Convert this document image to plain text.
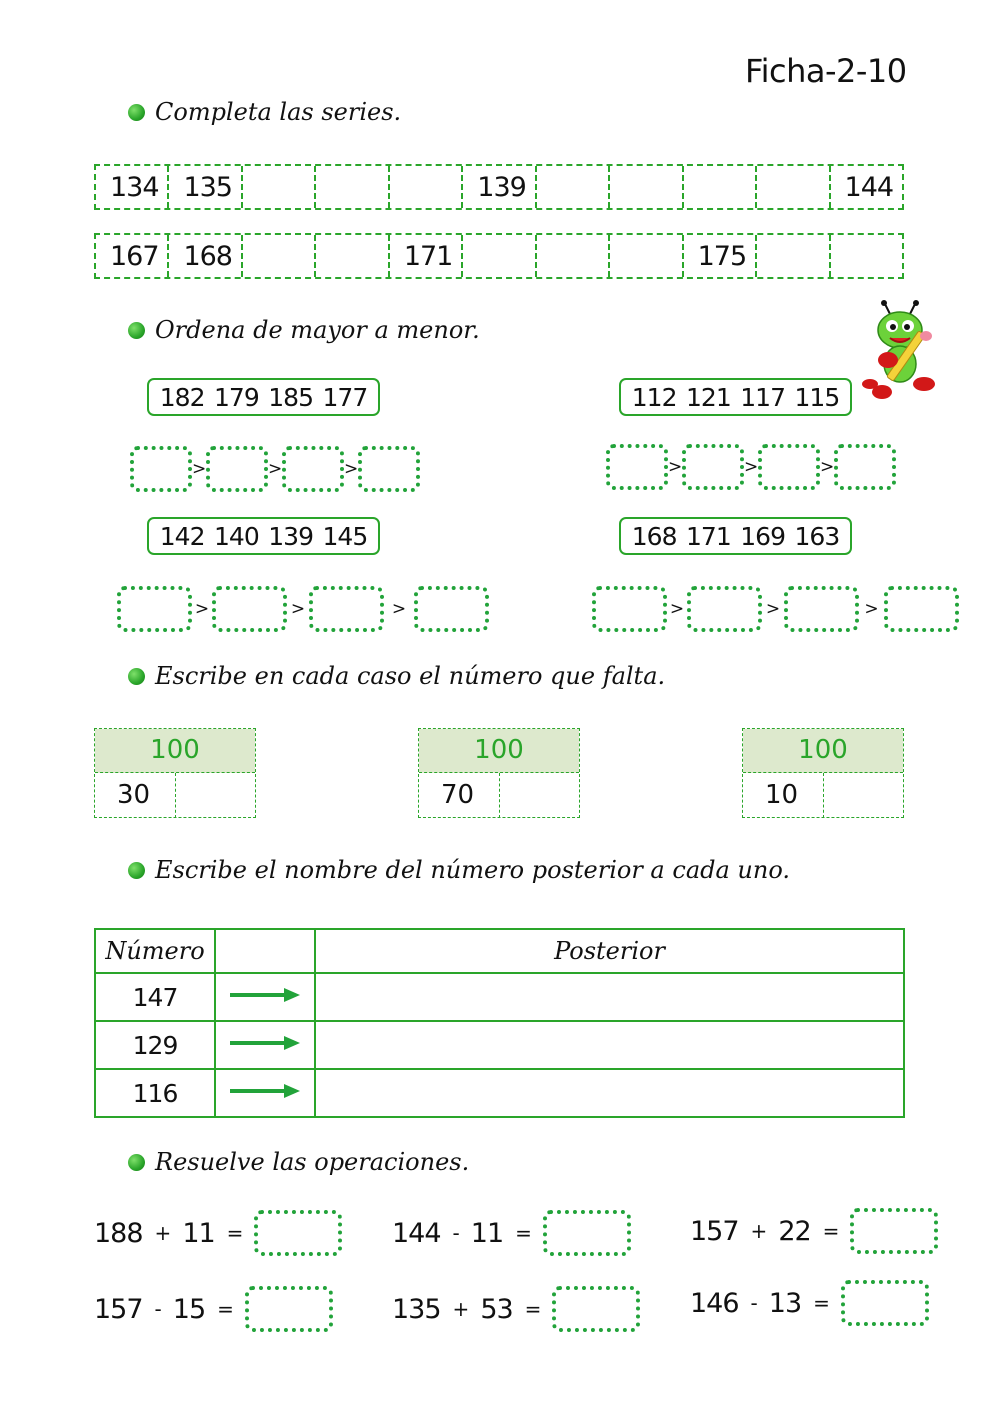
Ficha-2-10
Completa las series.
134 135	139	144
167 168	171	175
Ordena de mayor a menor.
182 179 185 177
>	>	>
112 121 117 115
>	>	>
142 140 139 145
>	>	>
168 171 169 163
>	>	>
Escribe en cada caso el número que falta.
100
30
100
70
100
10
Escribe el nombre del número posterior a cada uno.
Número		Posterior
147		
129		
116		
Resuelve las operaciones.
188 + 11 =	144 - 11 =	157 + 22 =
157 - 15 =	135 + 53 =	146 - 13 =
